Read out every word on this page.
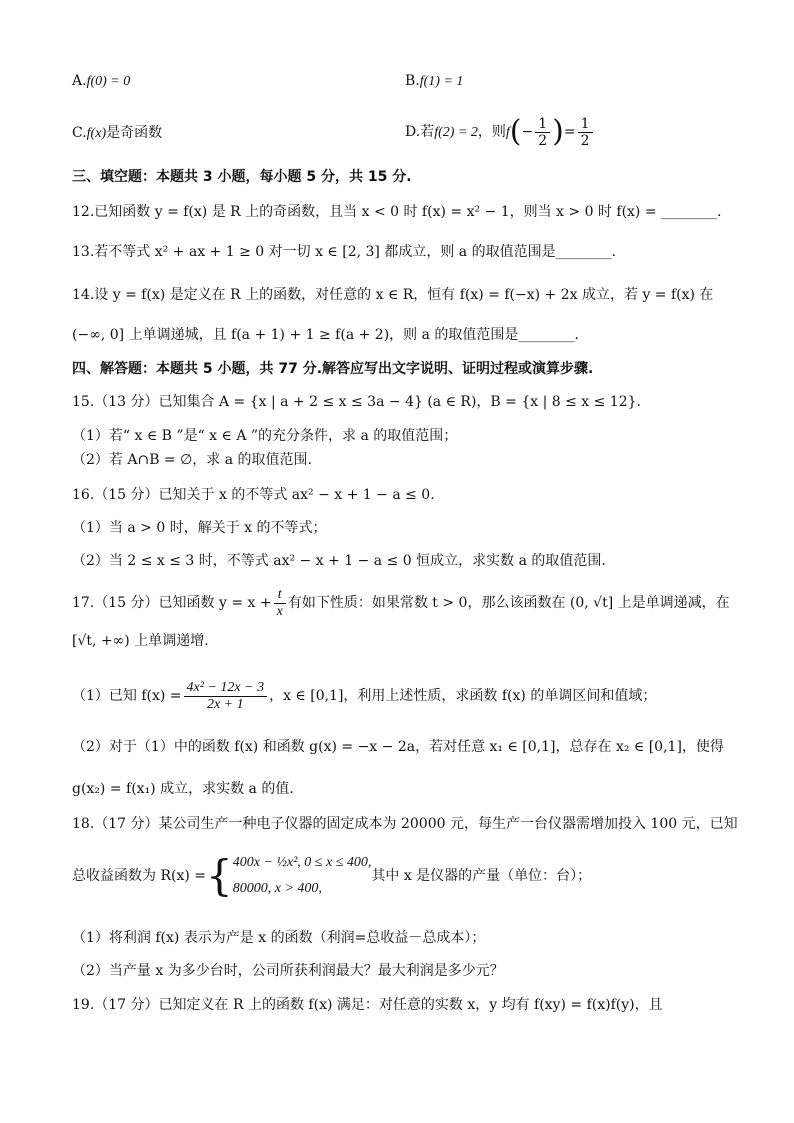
A.f(0) = 0	B.f(1) = 1
C.f(x)是奇函数	D.若f(2) = 2，则$f(- \frac{1}{2}$ )= $\frac{1}{2}$
三、填空题：本题共 3 小题，每小题 5 分，共 15 分.
12.已知函数 y = f(x) 是 R 上的奇函数，且当 x < 0 时 f(x) = x² − 1，则当 x > 0 时 f(x) = ________.
13.若不等式 x² + ax + 1 ≥ 0 对一切 x ∈ [2, 3] 都成立，则 a 的取值范围是________.
14.设 y = f(x) 是定义在 R 上的函数，对任意的 x ∈ R，恒有 f(x) = f(−x) + 2x 成立，若 y = f(x) 在
(−∞, 0] 上单调递城，且 f(a + 1) + 1 ≥ f(a + 2)，则 a 的取值范围是________.
四、解答题：本题共 5 小题，共 77 分.解答应写出文字说明、证明过程或演算步骤.
15.（13 分）已知集合 A = {x | a + 2 ≤ x ≤ 3a − 4} (a ∈ R)，B = {x | 8 ≤ x ≤ 12}.
（1）若“ x ∈ B ”是“ x ∈ A ”的充分条件，求 a 的取值范围；
（2）若 A∩B = ∅，求 a 的取值范围.
16.（15 分）已知关于 x 的不等式 ax² − x + 1 − a ≤ 0.
（1）当 a > 0 时，解关于 x 的不等式；
（2）当 2 ≤ x ≤ 3 时，不等式 ax² − x + 1 − a ≤ 0 恒成立，求实数 a 的取值范围.
17.（15 分）已知函数 $y = x + \frac{t}{x}$ 有如下性质：如果常数 t > 0，那么该函数在 (0, √t] 上是单调递减，在
[√t, +∞) 上单调递增.
（1）已知 $f(x) = \frac{\text{4x² − 12x − 3}}{2x + 1}$ ，x ∈ [0,1]，利用上述性质，求函数 f(x) 的单调区间和值域；
（2）对于（1）中的函数 f(x) 和函数 g(x) = −x − 2a，若对任意 x₁ ∈ [0,1]，总存在 x₂ ∈ [0,1]，使得
g(x₂) = f(x₁) 成立，求实数 a 的值.
18.（17 分）某公司生产一种电子仪器的固定成本为 20000 元，每生产一台仪器需增加投入 100 元，已知
总收益函数为 R(x) ={ 400x − ½x², 0 ≤ x ≤ 400,
80000, x > 400,
其中 x 是仪器的产量（单位：台）；
（1）将利润 f(x) 表示为产是 x 的函数（利润=总收益－总成本）；
（2）当产量 x 为多少台时，公司所获利润最大？最大利润是多少元？
19.（17 分）已知定义在 R 上的函数 f(x) 满足：对任意的实数 x，y 均有 f(xy) = f(x)f(y)，且
